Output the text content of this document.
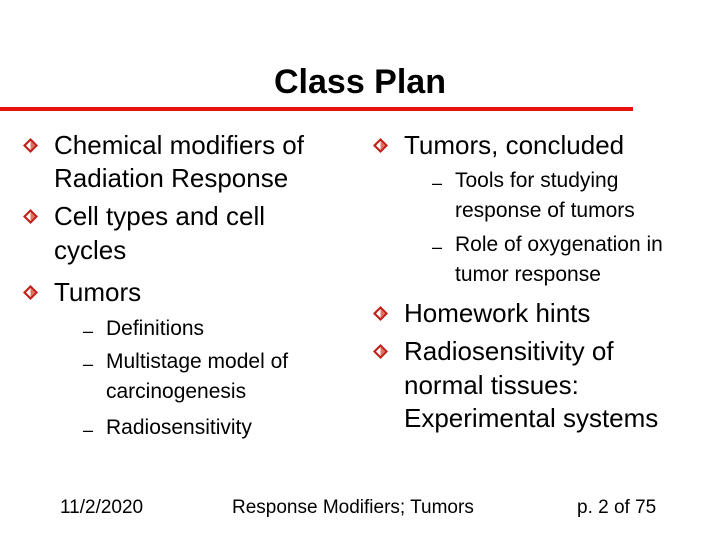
Class Plan
Chemical modifiers of
Radiation Response
Cell types and cell
cycles
Tumors
– Definitions
– Multistage model of
carcinogenesis
– Radiosensitivity
Tumors, concluded
– Tools for studying
response of tumors
– Role of oxygenation in
tumor response
Homework hints
Radiosensitivity of
normal tissues:
Experimental systems
11/2/2020	Response Modifiers; Tumors	p. 2 of 75
